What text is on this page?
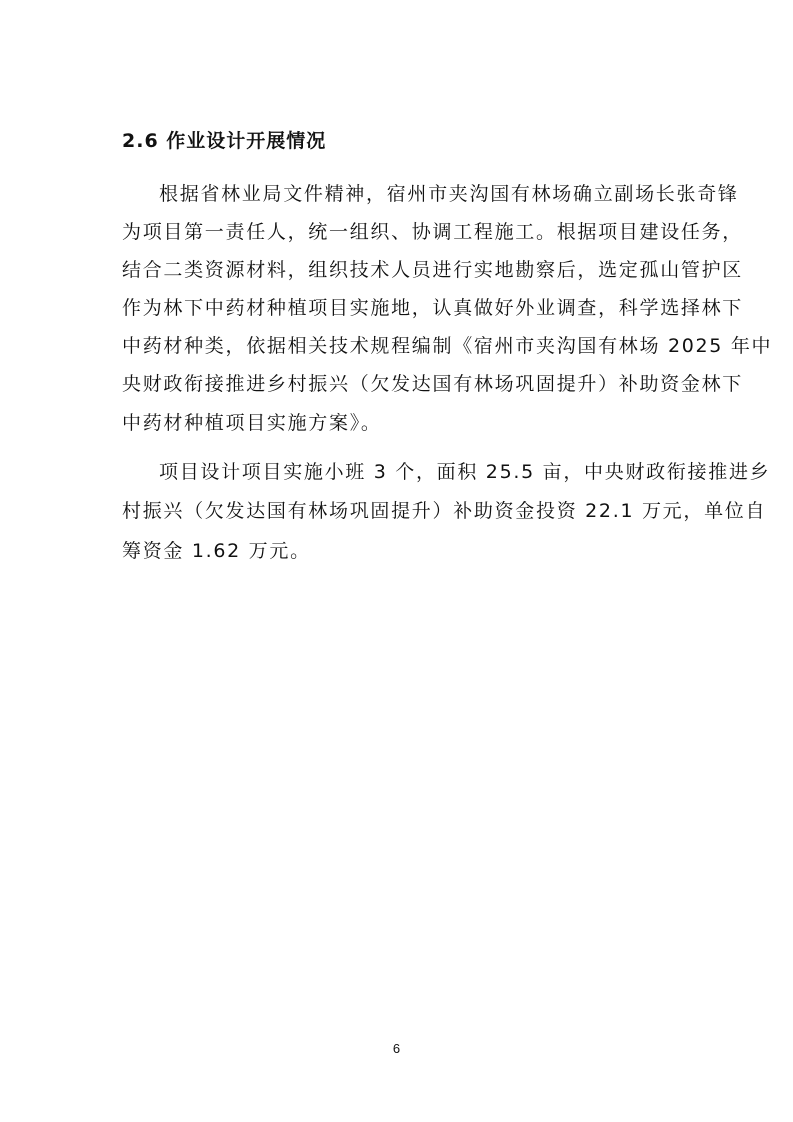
2.6 作业设计开展情况
根据省林业局文件精神，宿州市夹沟国有林场确立副场长张奇锋
为项目第一责任人，统一组织、协调工程施工。根据项目建设任务，
结合二类资源材料，组织技术人员进行实地勘察后，选定孤山管护区
作为林下中药材种植项目实施地，认真做好外业调查，科学选择林下
中药材种类，依据相关技术规程编制《宿州市夹沟国有林场 2025 年中
央财政衔接推进乡村振兴（欠发达国有林场巩固提升）补助资金林下
中药材种植项目实施方案》。
项目设计项目实施小班 3 个，面积 25.5 亩，中央财政衔接推进乡
村振兴（欠发达国有林场巩固提升）补助资金投资 22.1 万元，单位自
筹资金 1.62 万元。
6
